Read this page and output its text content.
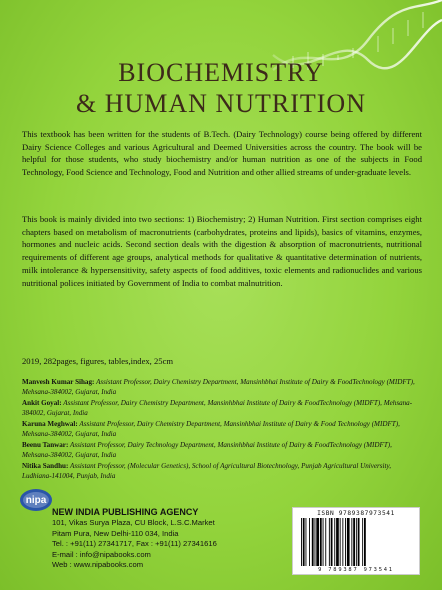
BIOCHEMISTRY
& HUMAN NUTRITION

This textbook has been written for the students of B.Tech. (Dairy Technology) course being offered by different Dairy Science Colleges and various Agricultural and Deemed Universities across the country. The book will be helpful for those students, who study biochemistry and/or human nutrition as one of the subjects in Food Technology, Food Science and Technology, Food and Nutrition and other allied streams of under-graduate levels.

This book is mainly divided into two sections: 1) Biochemistry; 2) Human Nutrition. First section comprises eight chapters based on metabolism of macronutrients (carbohydrates, proteins and lipids), basics of vitamins, enzymes, hormones and nucleic acids. Second section deals with the digestion & absorption of macronutrients, nutritional requirements of different age groups, analytical methods for qualitative & quantitative determination of nutrients, milk intolerance & hypersensitivity, safety aspects of food additives, toxic elements and radionuclides and various nutritional polices initiated by Government of India to combat malnutrition.

2019, 282pages, figures, tables,index, 25cm
Manvesh Kumar Sihag: Assistant Professor, Dairy Chemistry Department, Mansinhbhai Institute of Dairy & FoodTechnology (MIDFT), Mehsana-384002, Gujarat, India
Ankit Goyal: Assistant Professor, Dairy Chemistry Department, Mansinhbhai Institute of Dairy & FoodTechnology (MIDFT), Mehsana-384002, Gujarat, India
Karuna Meghwal: Assistant Professor, Dairy Chemistry Department, Mansinhbhai Institute of Dairy & Food Technology (MIDFT), Mehsana-384002, Gujarat, India
Beenu Tanwar: Assistant Professor, Dairy Technology Department, Mansinhbhai Institute of Dairy & FoodTechnology (MIDFT), Mehsana-384002, Gujarat, India
Nitika Sandhu: Assistant Professor, (Molecular Genetics), School of Agricultural Biotechnology, Punjab Agricultural University, Ludhiana-141004, Punjab, India
nipa
NEW INDIA PUBLISHING AGENCY
101, Vikas Surya Plaza, CU Block, L.S.C.Market
Pitam Pura, New Delhi-110 034, India
Tel. : +91(11) 27341717, Fax : +91(11) 27341616
E-mail : info@nipabooks.com
Web : www.nipabooks.com
ISBN 9789387973541
9 789387 973541
